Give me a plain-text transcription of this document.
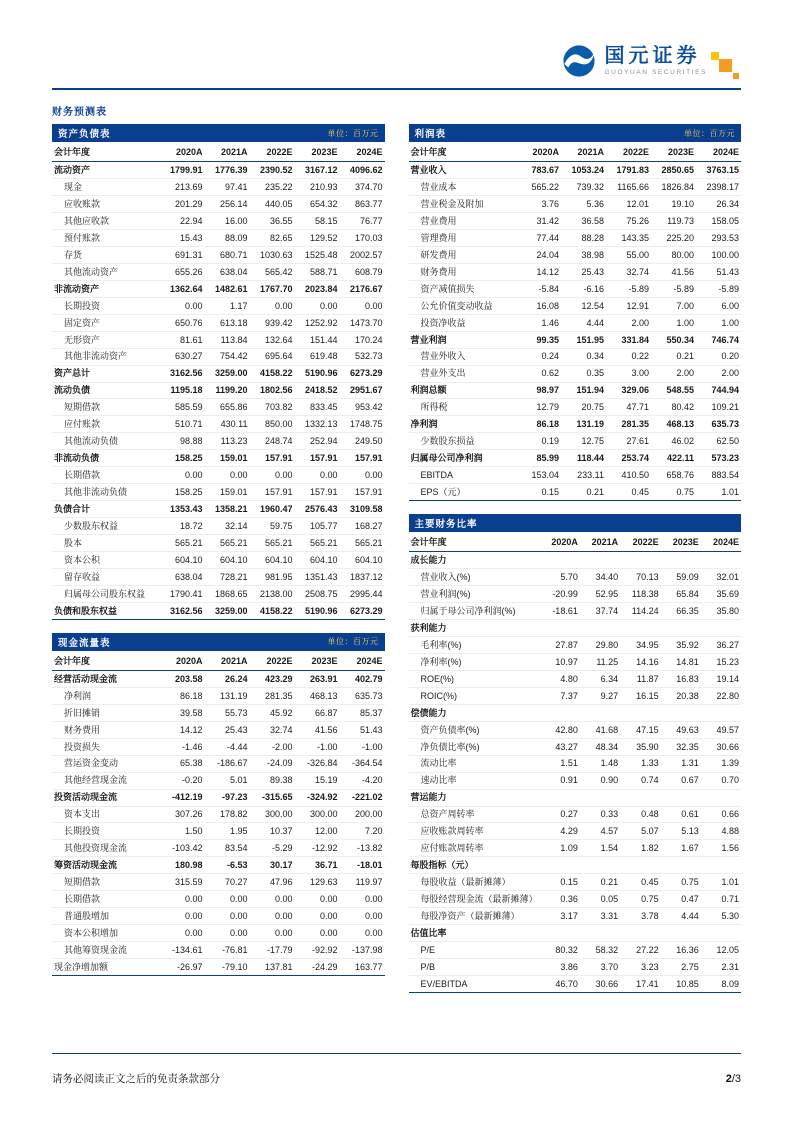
国元证券
GUOYUAN SECURITIES
财务预测表
资产负债表	单位：百万元
会计年度	2020A	2021A	2022E	2023E	2024E
流动资产	1799.91	1776.39	2390.52	3167.12	4096.62
现金	213.69	97.41	235.22	210.93	374.70
应收账款	201.29	256.14	440.05	654.32	863.77
其他应收款	22.94	16.00	36.55	58.15	76.77
预付账款	15.43	88.09	82.65	129.52	170.03
存货	691.31	680.71	1030.63	1525.48	2002.57
其他流动资产	655.26	638.04	565.42	588.71	608.79
非流动资产	1362.64	1482.61	1767.70	2023.84	2176.67
长期投资	0.00	1.17	0.00	0.00	0.00
固定资产	650.76	613.18	939.42	1252.92	1473.70
无形资产	81.61	113.84	132.64	151.44	170.24
其他非流动资产	630.27	754.42	695.64	619.48	532.73
资产总计	3162.56	3259.00	4158.22	5190.96	6273.29
流动负债	1195.18	1199.20	1802.56	2418.52	2951.67
短期借款	585.59	655.86	703.82	833.45	953.42
应付账款	510.71	430.11	850.00	1332.13	1748.75
其他流动负债	98.88	113.23	248.74	252.94	249.50
非流动负债	158.25	159.01	157.91	157.91	157.91
长期借款	0.00	0.00	0.00	0.00	0.00
其他非流动负债	158.25	159.01	157.91	157.91	157.91
负债合计	1353.43	1358.21	1960.47	2576.43	3109.58
少数股东权益	18.72	32.14	59.75	105.77	168.27
股本	565.21	565.21	565.21	565.21	565.21
资本公积	604.10	604.10	604.10	604.10	604.10
留存收益	638.04	728.21	981.95	1351.43	1837.12
归属母公司股东权益	1790.41	1868.65	2138.00	2508.75	2995.44
负债和股东权益	3162.56	3259.00	4158.22	5190.96	6273.29
现金流量表	单位：百万元
会计年度	2020A	2021A	2022E	2023E	2024E
经营活动现金流	203.58	26.24	423.29	263.91	402.79
净利润	86.18	131.19	281.35	468.13	635.73
折旧摊销	39.58	55.73	45.92	66.87	85.37
财务费用	14.12	25.43	32.74	41.56	51.43
投资损失	-1.46	-4.44	-2.00	-1.00	-1.00
营运资金变动	65.38	-186.67	-24.09	-326.84	-364.54
其他经营现金流	-0.20	5.01	89.38	15.19	-4.20
投资活动现金流	-412.19	-97.23	-315.65	-324.92	-221.02
资本支出	307.26	178.82	300.00	300.00	200.00
长期投资	1.50	1.95	10.37	12.00	7.20
其他投资现金流	-103.42	83.54	-5.29	-12.92	-13.82
筹资活动现金流	180.98	-6.53	30.17	36.71	-18.01
短期借款	315.59	70.27	47.96	129.63	119.97
长期借款	0.00	0.00	0.00	0.00	0.00
普通股增加	0.00	0.00	0.00	0.00	0.00
资本公积增加	0.00	0.00	0.00	0.00	0.00
其他筹资现金流	-134.61	-76.81	-17.79	-92.92	-137.98
现金净增加额	-26.97	-79.10	137.81	-24.29	163.77
利润表	单位：百万元
会计年度	2020A	2021A	2022E	2023E	2024E
营业收入	783.67	1053.24	1791.83	2850.65	3763.15
营业成本	565.22	739.32	1165.66	1826.84	2398.17
营业税金及附加	3.76	5.36	12.01	19.10	26.34
营业费用	31.42	36.58	75.26	119.73	158.05
管理费用	77.44	88.28	143.35	225.20	293.53
研发费用	24.04	38.98	55.00	80.00	100.00
财务费用	14.12	25.43	32.74	41.56	51.43
资产减值损失	-5.84	-6.16	-5.89	-5.89	-5.89
公允价值变动收益	16.08	12.54	12.91	7.00	6.00
投资净收益	1.46	4.44	2.00	1.00	1.00
营业利润	99.35	151.95	331.84	550.34	746.74
营业外收入	0.24	0.34	0.22	0.21	0.20
营业外支出	0.62	0.35	3.00	2.00	2.00
利润总额	98.97	151.94	329.06	548.55	744.94
所得税	12.79	20.75	47.71	80.42	109.21
净利润	86.18	131.19	281.35	468.13	635.73
少数股东损益	0.19	12.75	27.61	46.02	62.50
归属母公司净利润	85.99	118.44	253.74	422.11	573.23
EBITDA	153.04	233.11	410.50	658.76	883.54
EPS（元）	0.15	0.21	0.45	0.75	1.01
主要财务比率
会计年度	2020A	2021A	2022E	2023E	2024E
成长能力					
营业收入(%)	5.70	34.40	70.13	59.09	32.01
营业利润(%)	-20.99	52.95	118.38	65.84	35.69
归属于母公司净利润(%)	-18.61	37.74	114.24	66.35	35.80
获利能力					
毛利率(%)	27.87	29.80	34.95	35.92	36.27
净利率(%)	10.97	11.25	14.16	14.81	15.23
ROE(%)	4.80	6.34	11.87	16.83	19.14
ROIC(%)	7.37	9.27	16.15	20.38	22.80
偿债能力					
资产负债率(%)	42.80	41.68	47.15	49.63	49.57
净负债比率(%)	43.27	48.34	35.90	32.35	30.66
流动比率	1.51	1.48	1.33	1.31	1.39
速动比率	0.91	0.90	0.74	0.67	0.70
营运能力					
总资产周转率	0.27	0.33	0.48	0.61	0.66
应收账款周转率	4.29	4.57	5.07	5.13	4.88
应付账款周转率	1.09	1.54	1.82	1.67	1.56
每股指标（元）					
每股收益（最新摊薄）	0.15	0.21	0.45	0.75	1.01
每股经营现金流（最新摊薄）	0.36	0.05	0.75	0.47	0.71
每股净资产（最新摊薄）	3.17	3.31	3.78	4.44	5.30
估值比率					
P/E	80.32	58.32	27.22	16.36	12.05
P/B	3.86	3.70	3.23	2.75	2.31
EV/EBITDA	46.70	30.66	17.41	10.85	8.09
请务必阅读正文之后的免责条款部分	2/3
